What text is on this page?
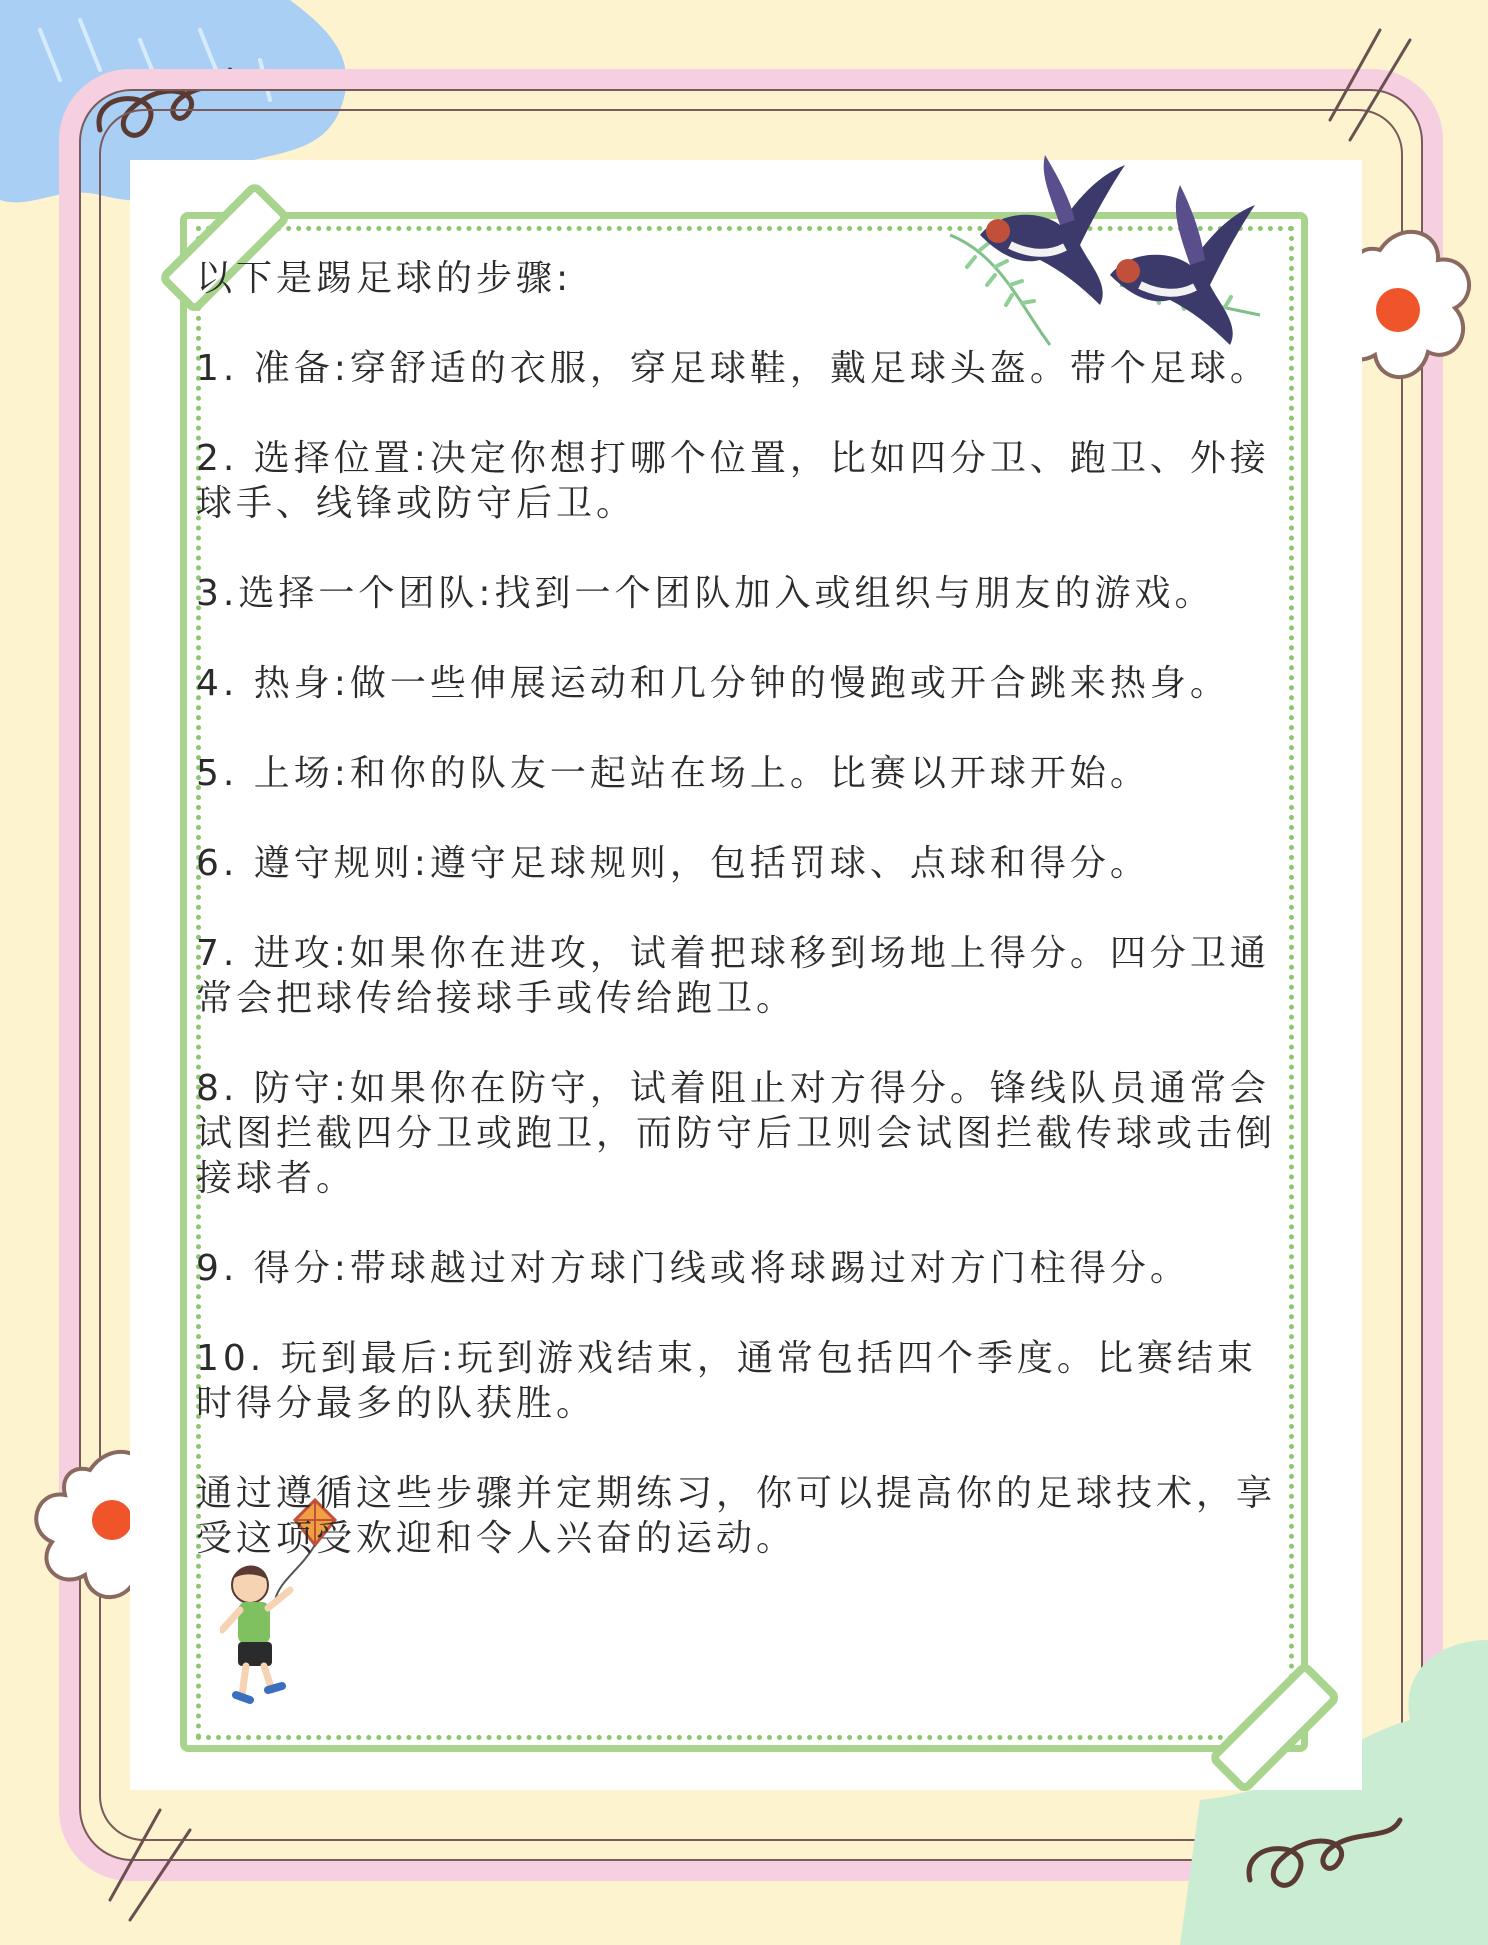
以下是踢足球的步骤:

1. 准备:穿舒适的衣服，穿足球鞋，戴足球头盔。带个足球。

2. 选择位置:决定你想打哪个位置，比如四分卫、跑卫、外接球手、线锋或防守后卫。

3.选择一个团队:找到一个团队加入或组织与朋友的游戏。

4. 热身:做一些伸展运动和几分钟的慢跑或开合跳来热身。

5. 上场:和你的队友一起站在场上。比赛以开球开始。

6. 遵守规则:遵守足球规则，包括罚球、点球和得分。

7. 进攻:如果你在进攻，试着把球移到场地上得分。四分卫通常会把球传给接球手或传给跑卫。

8. 防守:如果你在防守，试着阻止对方得分。锋线队员通常会试图拦截四分卫或跑卫，而防守后卫则会试图拦截传球或击倒接球者。

9. 得分:带球越过对方球门线或将球踢过对方门柱得分。

10. 玩到最后:玩到游戏结束，通常包括四个季度。比赛结束时得分最多的队获胜。

通过遵循这些步骤并定期练习，你可以提高你的足球技术，享受这项受欢迎和令人兴奋的运动。
